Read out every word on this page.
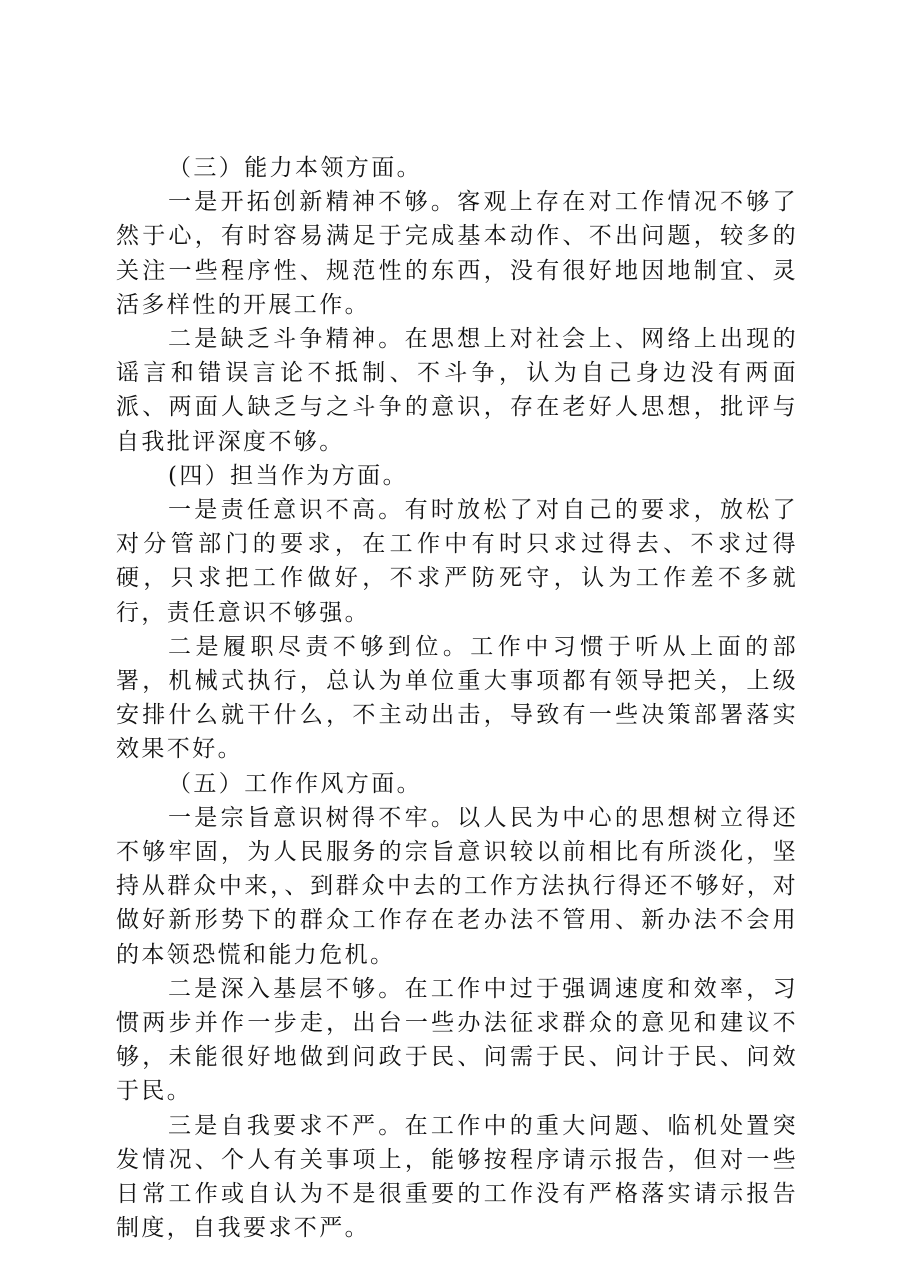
（三）能力本领方面。

一是开拓创新精神不够。客观上存在对工作情况不够了然于心，有时容易满足于完成基本动作、不出问题，较多的关注一些程序性、规范性的东西，没有很好地因地制宜、灵活多样性的开展工作。

二是缺乏斗争精神。在思想上对社会上、网络上出现的谣言和错误言论不抵制、不斗争，认为自己身边没有两面派、两面人缺乏与之斗争的意识，存在老好人思想，批评与自我批评深度不够。

(四）担当作为方面。

一是责任意识不高。有时放松了对自己的要求，放松了对分管部门的要求，在工作中有时只求过得去、不求过得硬，只求把工作做好，不求严防死守，认为工作差不多就行，责任意识不够强。

二是履职尽责不够到位。工作中习惯于听从上面的部署，机械式执行，总认为单位重大事项都有领导把关，上级安排什么就干什么，不主动出击，导致有一些决策部署落实效果不好。

（五）工作作风方面。

一是宗旨意识树得不牢。以人民为中心的思想树立得还不够牢固，为人民服务的宗旨意识较以前相比有所淡化，坚持从群众中来，、到群众中去的工作方法执行得还不够好，对做好新形势下的群众工作存在老办法不管用、新办法不会用的本领恐慌和能力危机。

二是深入基层不够。在工作中过于强调速度和效率，习惯两步并作一步走，出台一些办法征求群众的意见和建议不够，未能很好地做到问政于民、问需于民、问计于民、问效于民。

三是自我要求不严。在工作中的重大问题、临机处置突发情况、个人有关事项上，能够按程序请示报告，但对一些日常工作或自认为不是很重要的工作没有严格落实请示报告制度，自我要求不严。
